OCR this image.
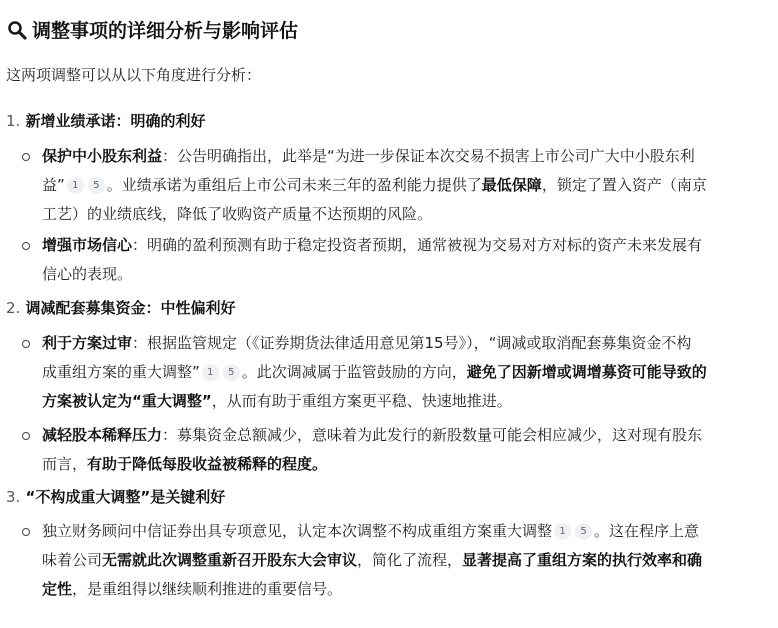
调整事项的详细分析与影响评估
这两项调整可以从以下角度进行分析：
1. 新增业绩承诺：明确的利好
保护中小股东利益：公告明确指出，此举是“为进一步保证本次交易不损害上市公司广大中小股东利
益” 1 5 。业绩承诺为重组后上市公司未来三年的盈利能力提供了最低保障，锁定了置入资产（南京
工艺）的业绩底线，降低了收购资产质量不达预期的风险。
增强市场信心：明确的盈利预测有助于稳定投资者预期，通常被视为交易对方对标的资产未来发展有
信心的表现。
2. 调减配套募集资金：中性偏利好
利于方案过审：根据监管规定（《证券期货法律适用意见第15号》），“调减或取消配套募集资金不构
成重组方案的重大调整” 1 5 。此次调减属于监管鼓励的方向，避免了因新增或调增募资可能导致的
方案被认定为“重大调整”，从而有助于重组方案更平稳、快速地推进。
减轻股本稀释压力：募集资金总额减少，意味着为此发行的新股数量可能会相应减少，这对现有股东
而言，有助于降低每股收益被稀释的程度。
3. “不构成重大调整”是关键利好
独立财务顾问中信证券出具专项意见，认定本次调整不构成重组方案重大调整 1 5 。这在程序上意
味着公司无需就此次调整重新召开股东大会审议，简化了流程，显著提高了重组方案的执行效率和确
定性，是重组得以继续顺利推进的重要信号。
